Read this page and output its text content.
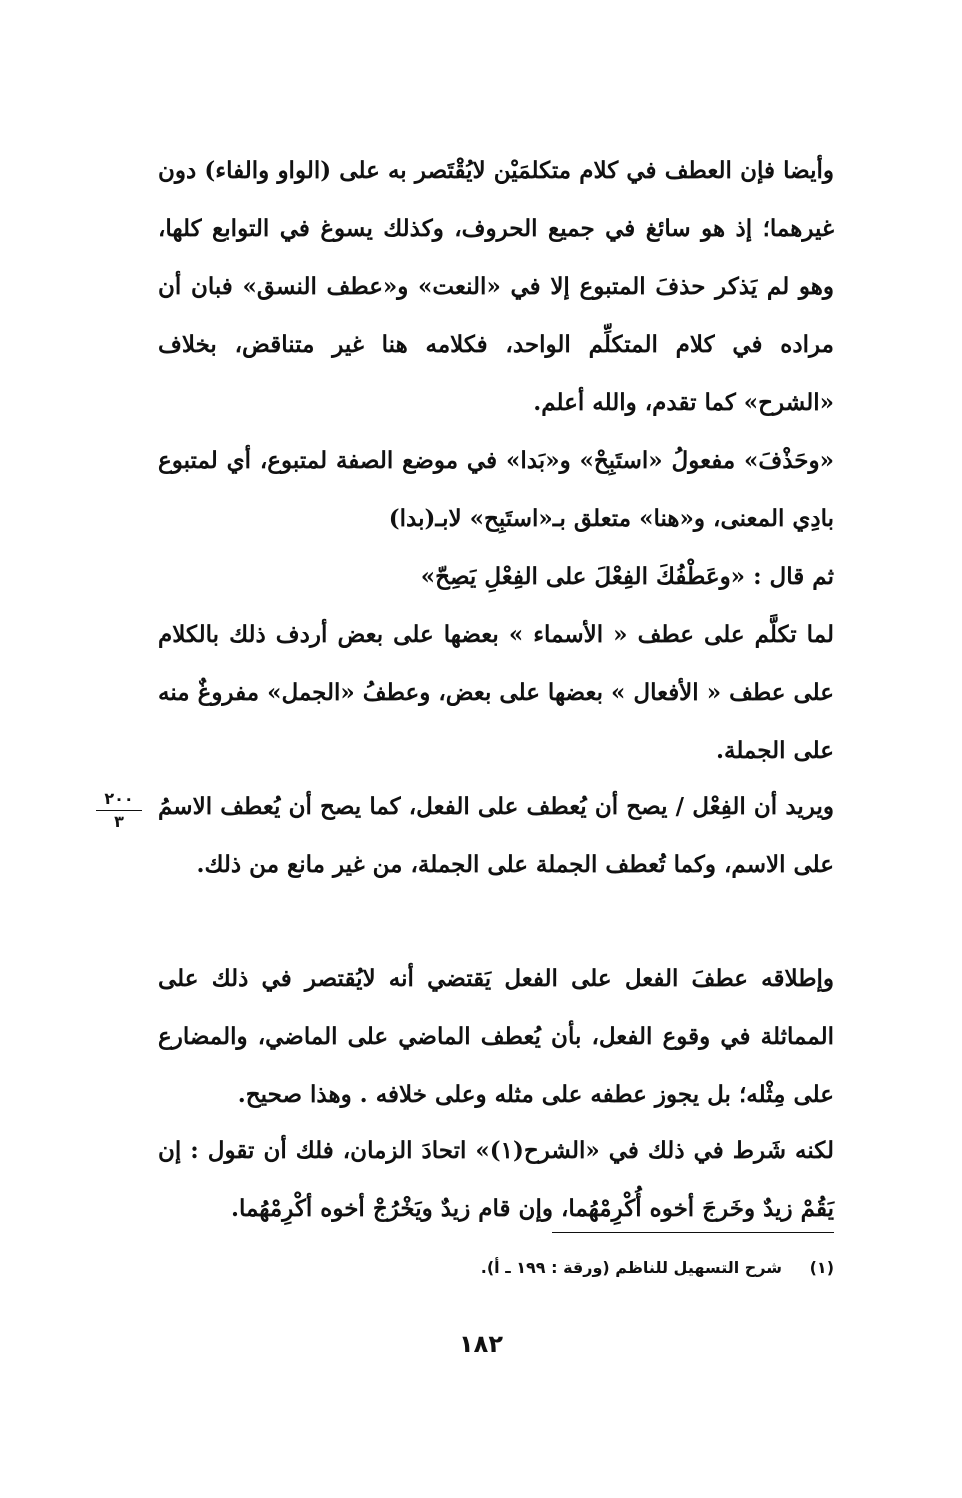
وأيضا فإن العطف في كلام متكلمَيْن لايُقْتَصر به على (الواو والفاء) دون غيرهما؛ إذ هو سائغ في جميع الحروف، وكذلك يسوغ في التوابع كلها، وهو لم يَذكر حذفَ المتبوع إلا في «النعت» و«عطف النسق» فبان أن مراده في كلام المتكلِّم الواحد، فكلامه هنا غير متناقض، بخلاف «الشرح» كما تقدم، والله أعلم.

«وحَذْفَ» مفعولُ «استَبِحْ» و«بَدا» في موضع الصفة لمتبوع، أي لمتبوع بادِي المعنى، و«هنا» متعلق بـ«استَبِح» لابـ(بدا)

ثم قال : «وعَطْفُكَ الفِعْلَ على الفِعْلِ يَصِحّ»

لما تكلَّم على عطف « الأسماء » بعضها على بعض أردف ذلك بالكلام على عطف « الأفعال » بعضها على بعض، وعطفُ «الجمل» مفروغٌ منه على الجملة.

ويريد أن الفِعْل / يصح أن يُعطف على الفعل، كما يصح أن يُعطف الاسمُ على الاسم، وكما تُعطف الجملة على الجملة، من غير مانع من ذلك.

٢٠٠
٣

وإطلاقه عطفَ الفعل على الفعل يَقتضي أنه لايُقتصر في ذلك على المماثلة في وقوع الفعل، بأن يُعطف الماضي على الماضي، والمضارع على مِثْله؛ بل يجوز عطفه على مثله وعلى خلافه . وهذا صحيح.

لكنه شَرط في ذلك في «الشرح(١)» اتحادَ الزمان، فلك أن تقول : إن يَقُمْ زيدٌ وخَرجَ أخوه أُكْرِمْهُما، وإن قام زيدٌ ويَخْرُجْ أخوه أكْرِمْهُما.

(١) شرح التسهيل للناظم (ورقة : ١٩٩ ـ أ).
١٨٢
